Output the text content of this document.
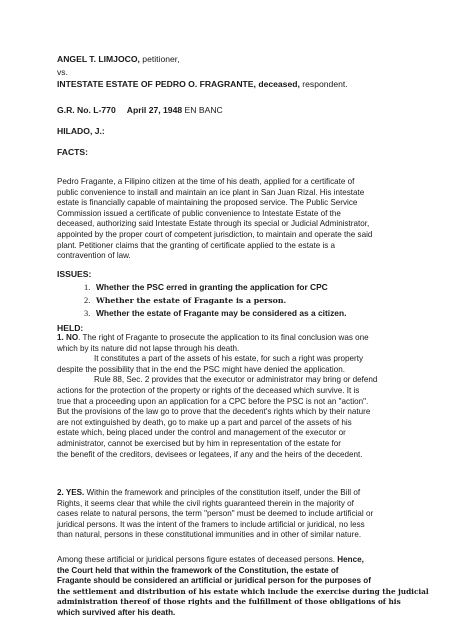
ANGEL T. LIMJOCO, petitioner,
vs.
INTESTATE ESTATE OF PEDRO O. FRAGRANTE, deceased, respondent.
G.R. No. L-770 April 27, 1948 EN BANC
HILADO, J.:
FACTS:

Pedro Fragante, a Filipino citizen at the time of his death, applied for a certificate of

public convenience to install and maintain an ice plant in San Juan Rizal. His intestate

estate is financially capable of maintaining the proposed service. The Public Service

Commission issued a certificate of public convenience to Intestate Estate of the

deceased, authorizing said Intestate Estate through its special or Judicial Administrator,

appointed by the proper court of competent jurisdiction, to maintain and operate the said

plant. Petitioner claims that the granting of certificate applied to the estate is a

contravention of law.

ISSUES:
1. Whether the PSC erred in granting the application for CPC
2. Whether the estate of Fragante is a person.
3. Whether the estate of Fragante may be considered as a citizen.
HELD:

1. NO. The right of Fragante to prosecute the application to its final conclusion was one

which by its nature did not lapse through his death.

It constitutes a part of the assets of his estate, for such a right was property

despite the possibility that in the end the PSC might have denied the application.

Rule 88, Sec. 2 provides that the executor or administrator may bring or defend

actions for the protection of the property or rights of the deceased which survive. It is

true that a proceeding upon an application for a CPC before the PSC is not an "action".

But the provisions of the law go to prove that the decedent's rights which by their nature

are not extinguished by death, go to make up a part and parcel of the assets of his

estate which, being placed under the control and management of the executor or

administrator, cannot be exercised but by him in representation of the estate for

the benefit of the creditors, devisees or legatees, if any and the heirs of the decedent.

2. YES. Within the framework and principles of the constitution itself, under the Bill of

Rights, it seems clear that while the civil rights guaranteed therein in the majority of

cases relate to natural persons, the term "person" must be deemed to include artificial or

juridical persons. It was the intent of the framers to include artificial or juridical, no less

than natural, persons in these constitutional immunities and in other of similar nature.

Among these artificial or juridical persons figure estates of deceased persons. Hence,

the Court held that within the framework of the Constitution, the estate of

Fragante should be considered an artificial or juridical person for the purposes of

the settlement and distribution of his estate which include the exercise during the judicial

administration thereof of those rights and the fulfillment of those obligations of his

which survived after his death.
